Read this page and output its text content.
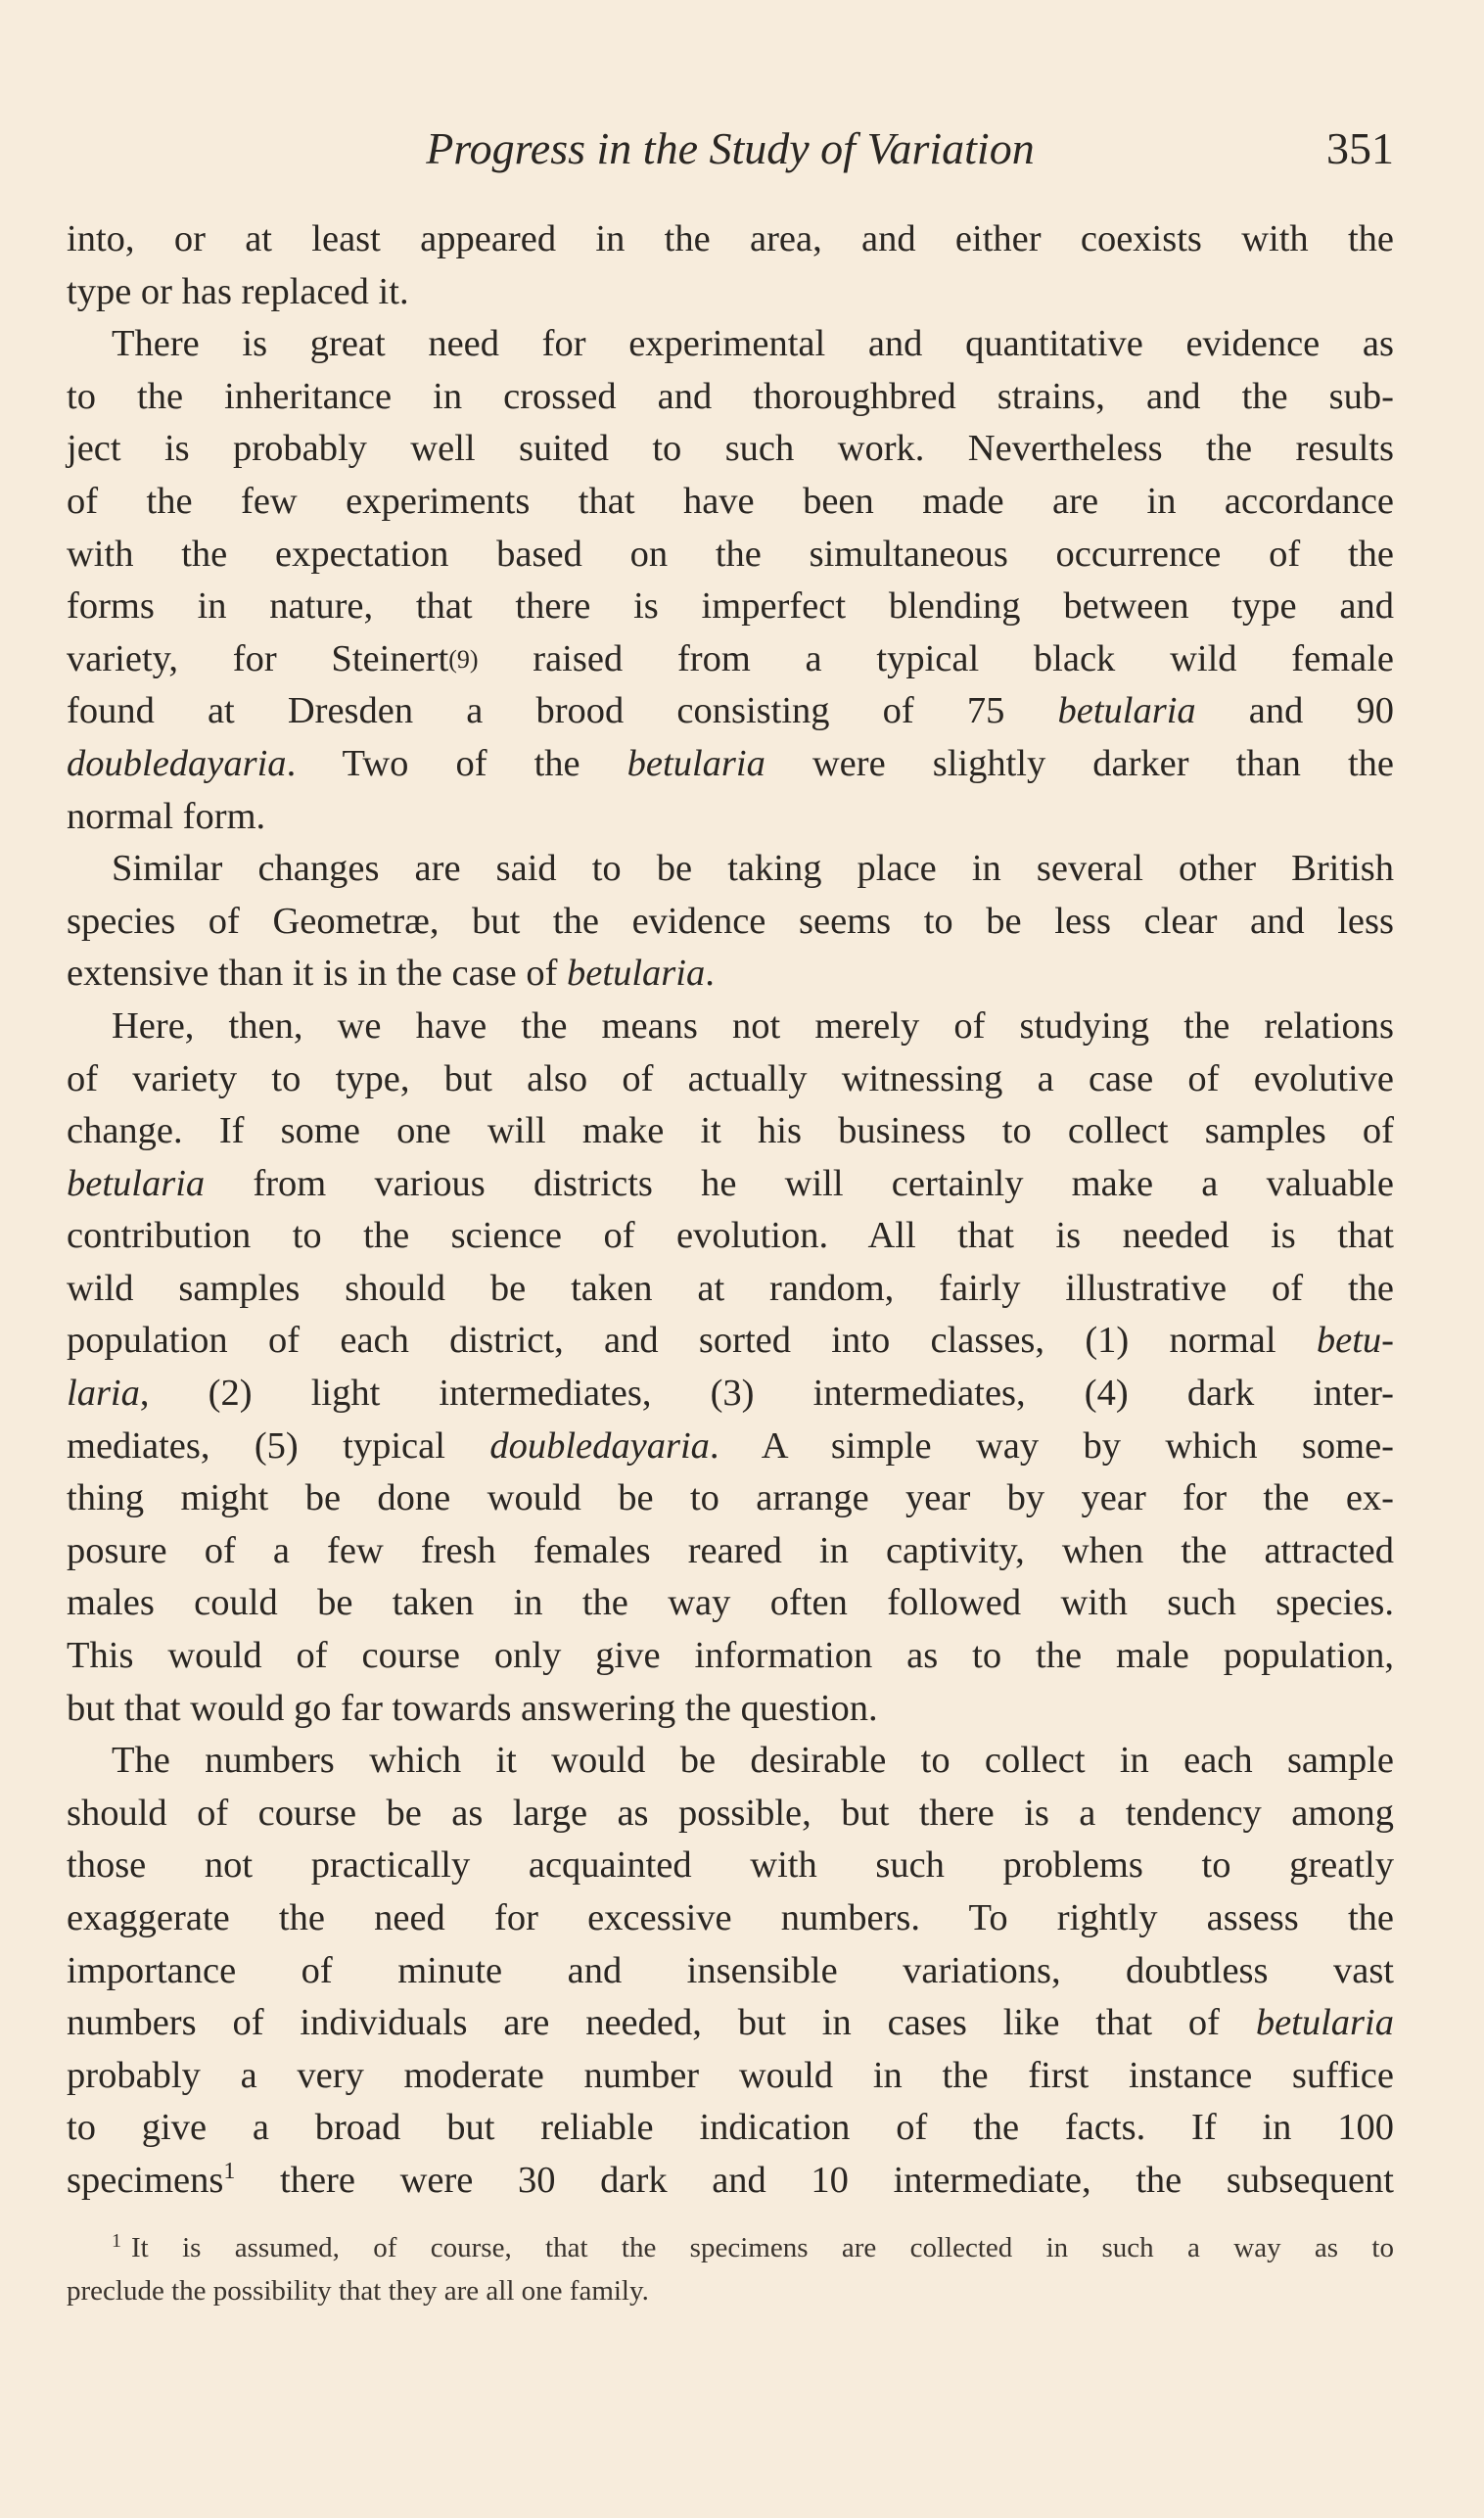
Progress in the Study of Variation	351
into, or at least appeared in the area, and either coexists with the
type or has replaced it.
There is great need for experimental and quantitative evidence as
to the inheritance in crossed and thoroughbred strains, and the sub-
ject is probably well suited to such work. Nevertheless the results
of the few experiments that have been made are in accordance
with the expectation based on the simultaneous occurrence of the
forms in nature, that there is imperfect blending between type and
variety, for Steinert(9) raised from a typical black wild female
found at Dresden a brood consisting of 75 betularia and 90
doubledayaria. Two of the betularia were slightly darker than the
normal form.
Similar changes are said to be taking place in several other British
species of Geometræ, but the evidence seems to be less clear and less
extensive than it is in the case of betularia.
Here, then, we have the means not merely of studying the relations
of variety to type, but also of actually witnessing a case of evolutive
change. If some one will make it his business to collect samples of
betularia from various districts he will certainly make a valuable
contribution to the science of evolution. All that is needed is that
wild samples should be taken at random, fairly illustrative of the
population of each district, and sorted into classes, (1) normal betu-
laria, (2) light intermediates, (3) intermediates, (4) dark inter-
mediates, (5) typical doubledayaria. A simple way by which some-
thing might be done would be to arrange year by year for the ex-
posure of a few fresh females reared in captivity, when the attracted
males could be taken in the way often followed with such species.
This would of course only give information as to the male population,
but that would go far towards answering the question.
The numbers which it would be desirable to collect in each sample
should of course be as large as possible, but there is a tendency among
those not practically acquainted with such problems to greatly
exaggerate the need for excessive numbers. To rightly assess the
importance of minute and insensible variations, doubtless vast
numbers of individuals are needed, but in cases like that of betularia
probably a very moderate number would in the first instance suffice
to give a broad but reliable indication of the facts. If in 100
specimens$^1$ there were 30 dark and 10 intermediate, the subsequent
$^1$ It is assumed, of course, that the specimens are collected in such a way as to
preclude the possibility that they are all one family.
